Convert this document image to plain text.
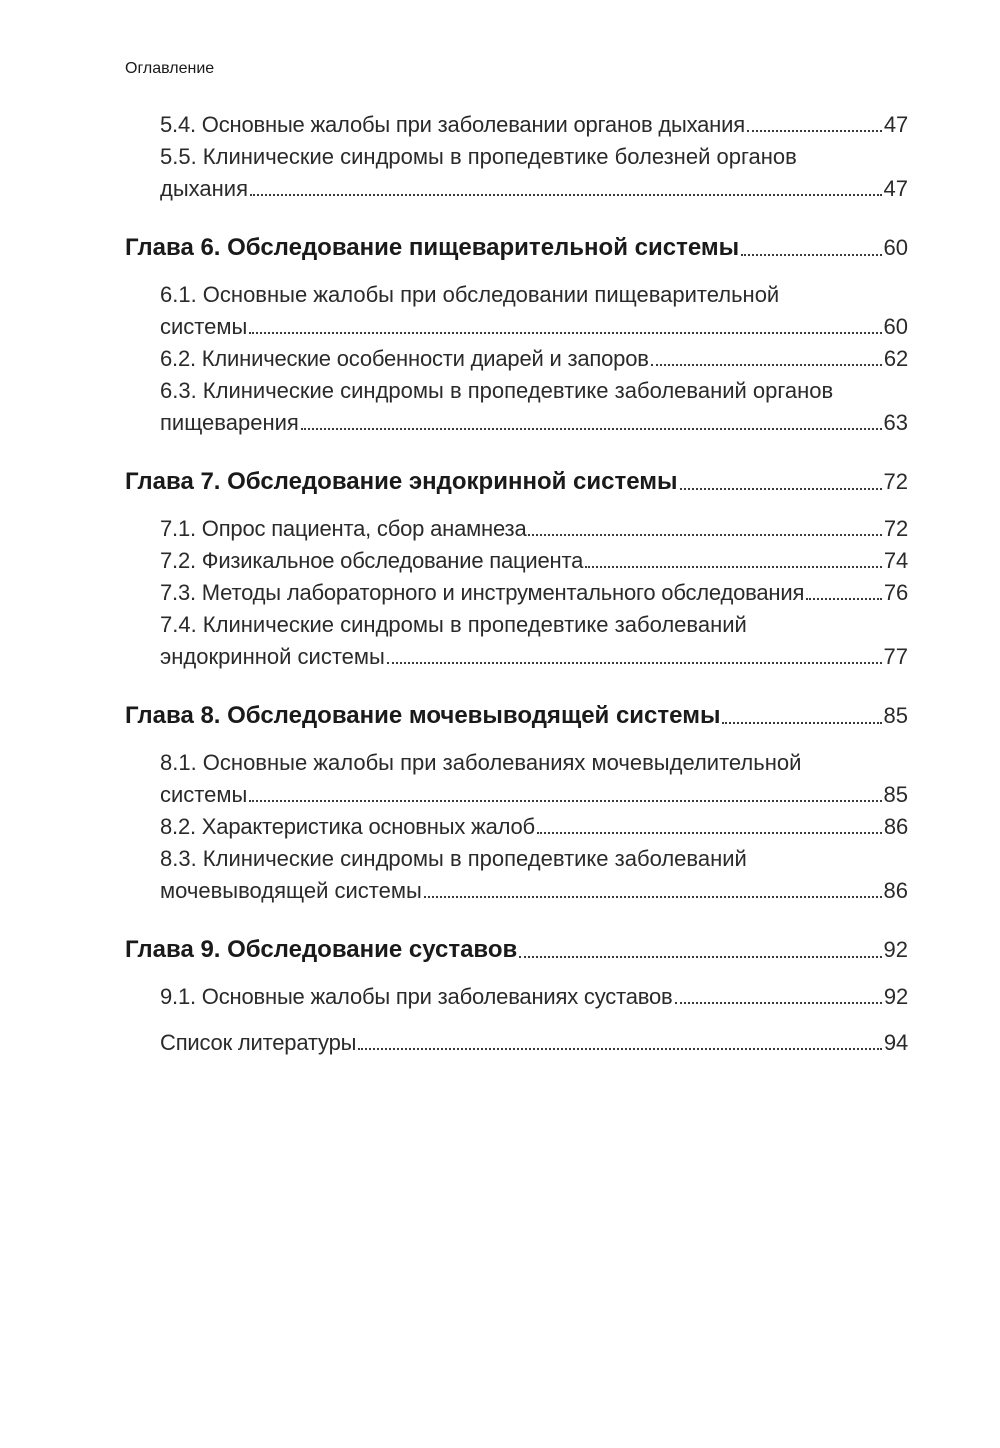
Оглавление
5.4. Основные жалобы при заболевании органов дыхания	47
5.5. Клинические синдромы в пропедевтике болезней органов
дыхания	47
Глава 6. Обследование пищеварительной системы	60
6.1. Основные жалобы при обследовании пищеварительной
системы	60
6.2. Клинические особенности диарей и запоров	62
6.3. Клинические синдромы в пропедевтике заболеваний органов
пищеварения	63
Глава 7. Обследование эндокринной системы	72
7.1. Опрос пациента, сбор анамнеза	72
7.2. Физикальное обследование пациента	74
7.3. Методы лабораторного и инструментального обследования	76
7.4. Клинические синдромы в пропедевтике заболеваний
эндокринной системы	77
Глава 8. Обследование мочевыводящей системы	85
8.1. Основные жалобы при заболеваниях мочевыделительной
системы	85
8.2. Характеристика основных жалоб	86
8.3. Клинические синдромы в пропедевтике заболеваний
мочевыводящей системы	86
Глава 9. Обследование суставов	92
9.1. Основные жалобы при заболеваниях суставов	92
Список литературы	94
